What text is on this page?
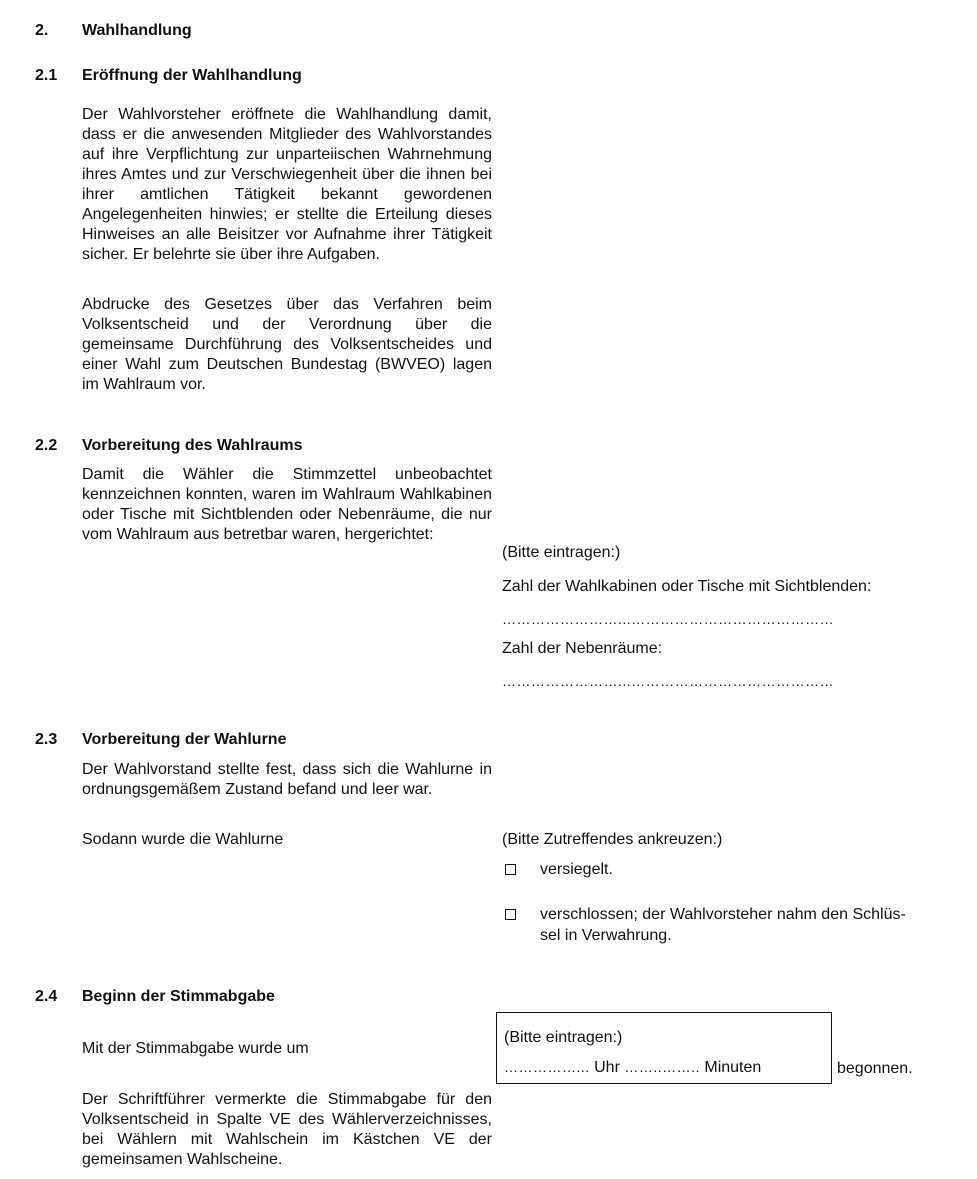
2. Wahlhandlung
2.1 Eröffnung der Wahlhandlung
Der Wahlvorsteher eröffnete die Wahlhandlung damit, dass er die anwesenden Mitglieder des Wahlvorstandes auf ihre Verpflichtung zur unparteiischen Wahrnehmung ihres Amtes und zur Verschwiegenheit über die ihnen bei ihrer amtlichen Tätigkeit bekannt gewordenen Angelegenheiten hinwies; er stellte die Erteilung dieses Hinweises an alle Beisitzer vor Aufnahme ihrer Tätigkeit sicher. Er belehrte sie über ihre Aufgaben.
Abdrucke des Gesetzes über das Verfahren beim Volksentscheid und der Verordnung über die gemeinsame Durchführung des Volksentscheides und einer Wahl zum Deutschen Bundestag (BWVEO) lagen im Wahlraum vor.
2.2 Vorbereitung des Wahlraums
Damit die Wähler die Stimmzettel unbeobachtet kennzeichnen konnten, waren im Wahlraum Wahlkabinen oder Tische mit Sichtblenden oder Nebenräume, die nur vom Wahlraum aus betretbar waren, hergerichtet:
(Bitte eintragen:)
Zahl der Wahlkabinen oder Tische mit Sichtblenden:
……………………...……………………………………
Zahl der Nebenräume:
……………………...……………………………………
2.3 Vorbereitung der Wahlurne
Der Wahlvorstand stellte fest, dass sich die Wahlurne in ordnungsgemäßem Zustand befand und leer war.
Sodann wurde die Wahlurne	(Bitte Zutreffendes ankreuzen:)
versiegelt.
verschlossen; der Wahlvorsteher nahm den Schlüs-
sel in Verwahrung.
2.4 Beginn der Stimmabgabe
Mit der Stimmabgabe wurde um
(Bitte eintragen:)
……………... Uhr ……..…….. Minuten	begonnen.
Der Schriftführer vermerkte die Stimmabgabe für den Volksentscheid in Spalte VE des Wählerverzeichnisses, bei Wählern mit Wahlschein im Kästchen VE der gemeinsamen Wahlscheine.
